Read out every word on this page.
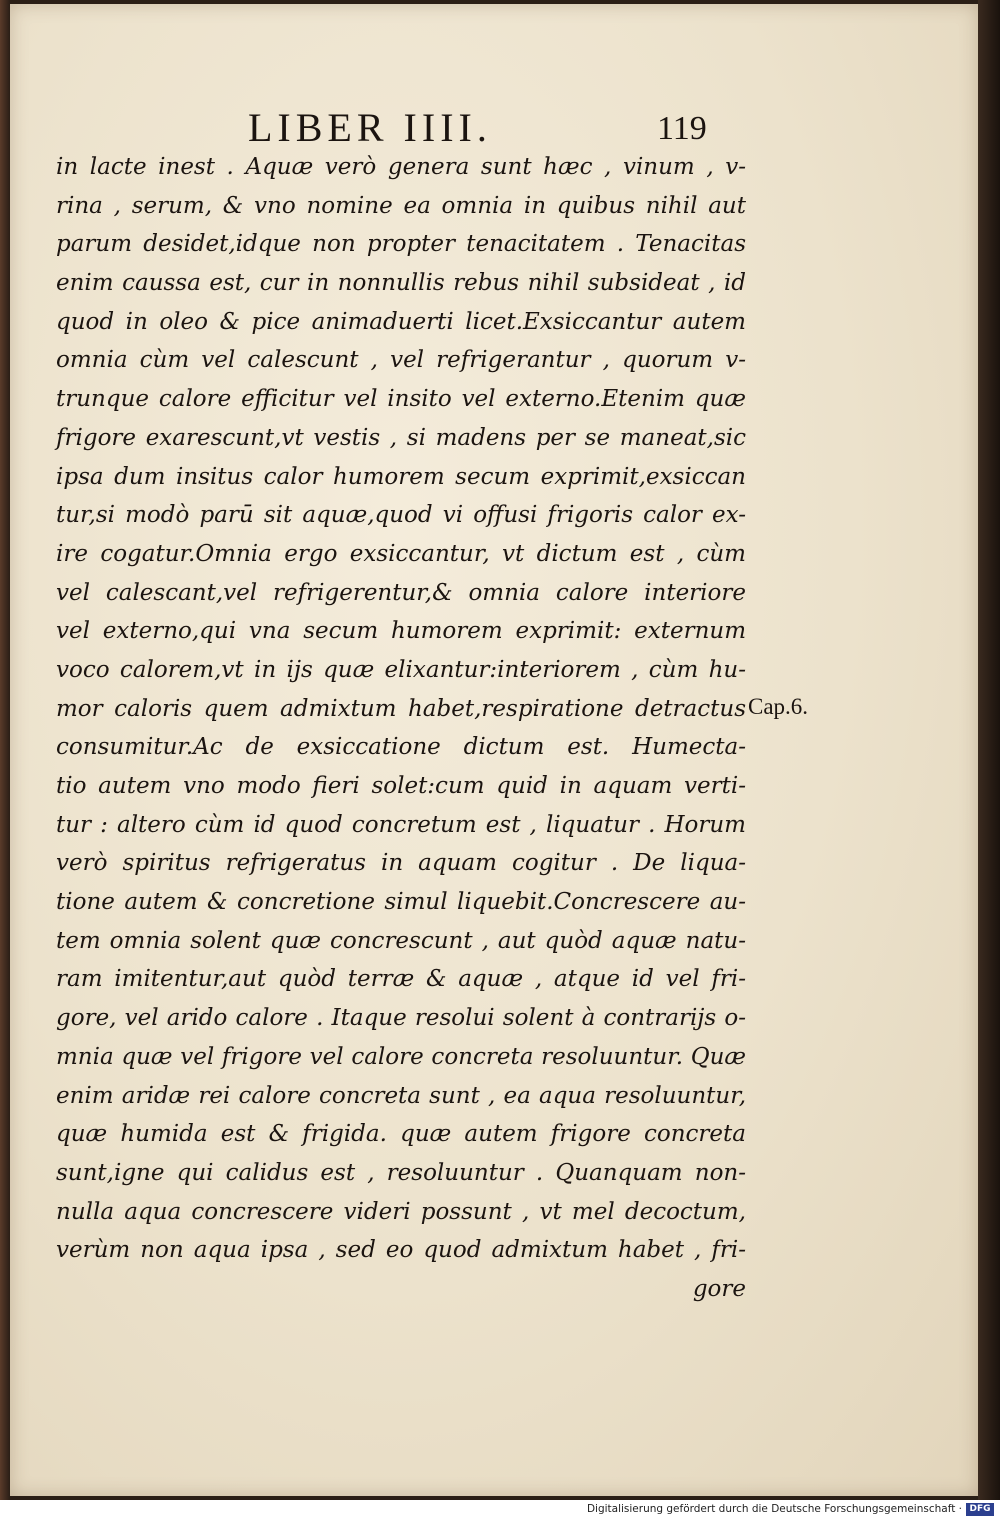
LIBER IIII.	119
in lacte inest . Aquæ verò genera sunt hæc , vinum , v-
rina , serum, & vno nomine ea omnia in quibus nihil aut
parum desidet,idque non propter tenacitatem . Tenacitas
enim caussa est, cur in nonnullis rebus nihil subsideat , id
quod in oleo & pice animaduerti licet.Exsiccantur autem
omnia cùm vel calescunt , vel refrigerantur , quorum v-
trunque calore efficitur vel insito vel externo.Etenim quæ
frigore exarescunt,vt vestis , si madens per se maneat,sic
ipsa dum insitus calor humorem secum exprimit,exsiccan
tur,si modò parū sit aquæ,quod vi offusi frigoris calor ex-
ire cogatur.Omnia ergo exsiccantur, vt dictum est , cùm
vel calescant,vel refrigerentur,& omnia calore interiore
vel externo,qui vna secum humorem exprimit: externum
voco calorem,vt in ijs quæ elixantur:interiorem , cùm hu-
mor caloris quem admixtum habet,respiratione detractus
consumitur.Ac de exsiccatione dictum est. Humecta-
tio autem vno modo fieri solet:cum quid in aquam verti-
tur : altero cùm id quod concretum est , liquatur . Horum
verò spiritus refrigeratus in aquam cogitur . De liqua-
tione autem & concretione simul liquebit.Concrescere au-
tem omnia solent quæ concrescunt , aut quòd aquæ natu-
ram imitentur,aut quòd terræ & aquæ , atque id vel fri-
gore, vel arido calore . Itaque resolui solent à contrarijs o-
mnia quæ vel frigore vel calore concreta resoluuntur. Quæ
enim aridæ rei calore concreta sunt , ea aqua resoluuntur,
quæ humida est & frigida. quæ autem frigore concreta
sunt,igne qui calidus est , resoluuntur . Quanquam non-
nulla aqua concrescere videri possunt , vt mel decoctum,
verùm non aqua ipsa , sed eo quod admixtum habet , fri-
gore
Cap.6.
Digitalisierung gefördert durch die Deutsche Forschungsgemeinschaft · DFG
